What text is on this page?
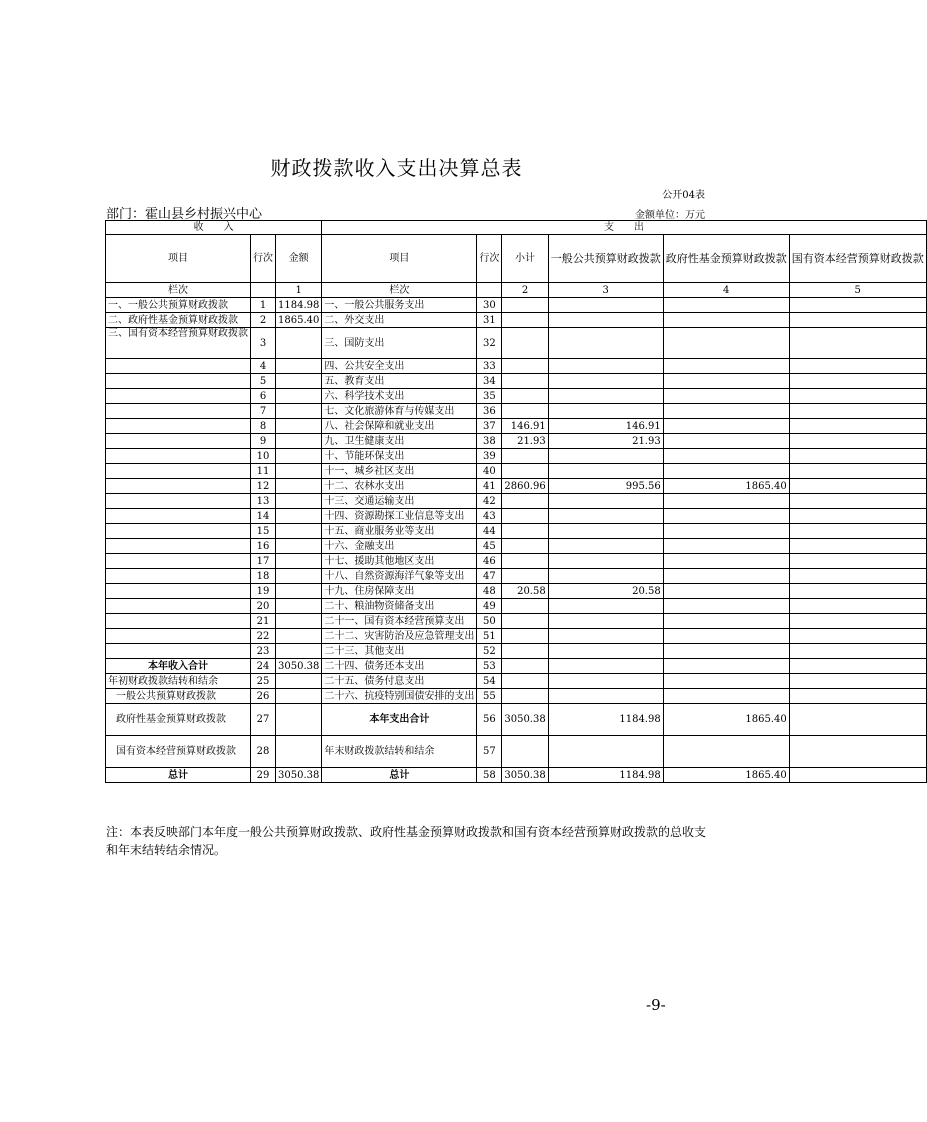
财政拨款收入支出决算总表
公开04表
部门：霍山县乡村振兴中心	金额单位：万元
收　　入			支　　出					
项目	行次	金额	项目	行次	小计	一般公共预算财政拨款	政府性基金预算财政拨款	国有资本经营预算财政拨款
栏次		1	栏次		2	3	4	5
一、一般公共预算财政拨款	1	1184.98	一、一般公共服务支出	30				
二、政府性基金预算财政拨款	2	1865.40	二、外交支出	31				
三、国有资本经营预算财政拨款	3		三、国防支出	32				
	4		四、公共安全支出	33				
	5		五、教育支出	34				
	6		六、科学技术支出	35				
	7		七、文化旅游体育与传媒支出	36				
	8		八、社会保障和就业支出	37	146.91	146.91		
	9		九、卫生健康支出	38	21.93	21.93		
	10		十、节能环保支出	39				
	11		十一、城乡社区支出	40				
	12		十二、农林水支出	41	2860.96	995.56	1865.40	
	13		十三、交通运输支出	42				
	14		十四、资源勘探工业信息等支出	43				
	15		十五、商业服务业等支出	44				
	16		十六、金融支出	45				
	17		十七、援助其他地区支出	46				
	18		十八、自然资源海洋气象等支出	47				
	19		十九、住房保障支出	48	20.58	20.58		
	20		二十、粮油物资储备支出	49				
	21		二十一、国有资本经营预算支出	50				
	22		二十二、灾害防治及应急管理支出	51				
	23		二十三、其他支出	52				
本年收入合计	24	3050.38	二十四、债务还本支出	53				
年初财政拨款结转和结余	25		二十五、债务付息支出	54				
一般公共预算财政拨款	26		二十六、抗疫特别国债安排的支出	55				
政府性基金预算财政拨款	27		本年支出合计	56	3050.38	1184.98	1865.40	
国有资本经营预算财政拨款	28		年末财政拨款结转和结余	57				
总计	29	3050.38	总计	58	3050.38	1184.98	1865.40	
注：本表反映部门本年度一般公共预算财政拨款、政府性基金预算财政拨款和国有资本经营预算财政拨款的总收支和年末结转结余情况。
-9-
